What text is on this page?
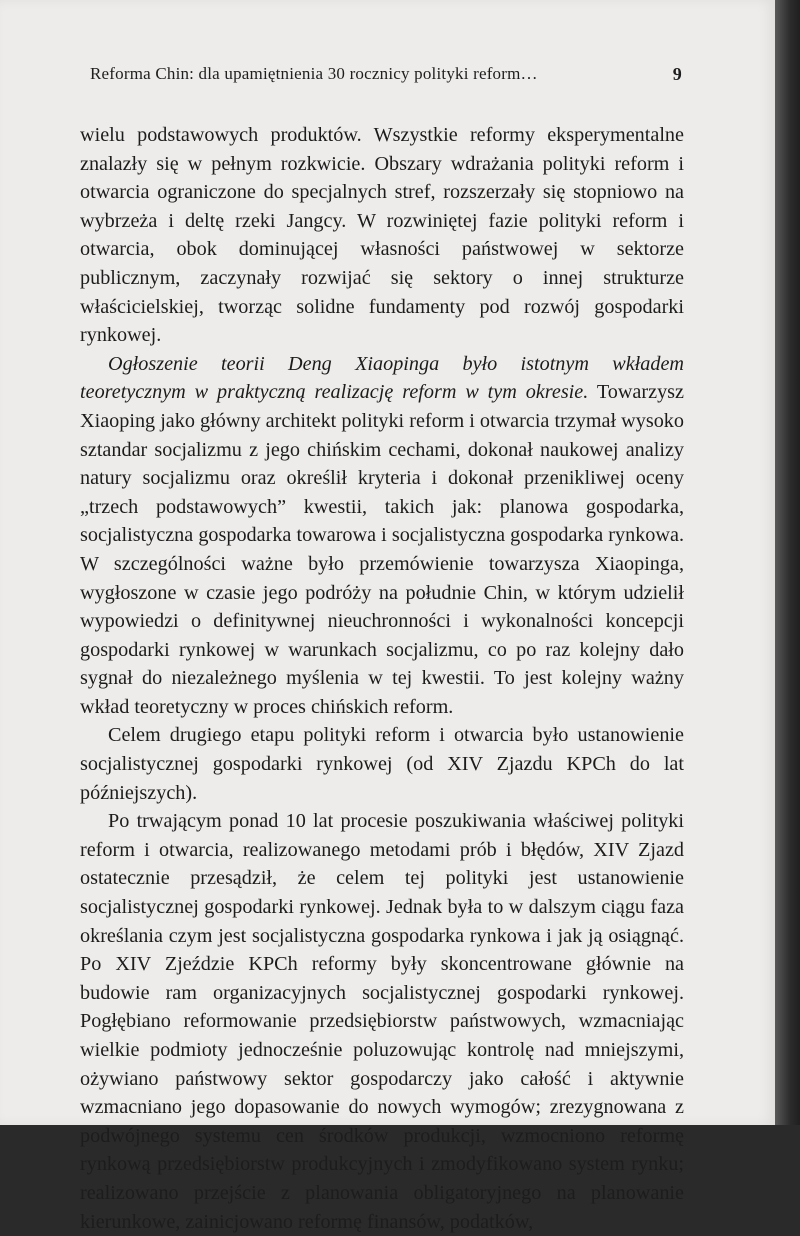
Reforma Chin: dla upamiętnienia 30 rocznicy polityki reform…	9

wielu podstawowych produktów. Wszystkie reformy eksperymentalne znalazły się w pełnym rozkwicie. Obszary wdrażania polityki reform i otwarcia ograniczone do specjalnych stref, rozszerzały się stopniowo na wybrzeża i deltę rzeki Jangcy. W rozwiniętej fazie polityki reform i otwarcia, obok dominującej własności państwowej w sektorze publicznym, zaczynały rozwijać się sektory o innej strukturze właścicielskiej, tworząc solidne fundamenty pod rozwój gospodarki rynkowej.

Ogłoszenie teorii Deng Xiaopinga było istotnym wkładem teoretycznym w praktyczną realizację reform w tym okresie. Towarzysz Xiaoping jako główny architekt polityki reform i otwarcia trzymał wysoko sztandar socjalizmu z jego chińskim cechami, dokonał naukowej analizy natury socjalizmu oraz określił kryteria i dokonał przenikliwej oceny „trzech podstawowych” kwestii, takich jak: planowa gospodarka, socjalistyczna gospodarka towarowa i socjalistyczna gospodarka rynkowa. W szczególności ważne było przemówienie towarzysza Xiaopinga, wygłoszone w czasie jego podróży na południe Chin, w którym udzielił wypowiedzi o definitywnej nieuchronności i wykonalności koncepcji gospodarki rynkowej w warunkach socjalizmu, co po raz kolejny dało sygnał do niezależnego myślenia w tej kwestii. To jest kolejny ważny wkład teoretyczny w proces chińskich reform.

Celem drugiego etapu polityki reform i otwarcia było ustanowienie socjalistycznej gospodarki rynkowej (od XIV Zjazdu KPCh do lat późniejszych).

Po trwającym ponad 10 lat procesie poszukiwania właściwej polityki reform i otwarcia, realizowanego metodami prób i błędów, XIV Zjazd ostatecznie przesądził, że celem tej polityki jest ustanowienie socjalistycznej gospodarki rynkowej. Jednak była to w dalszym ciągu faza określania czym jest socjalistyczna gospodarka rynkowa i jak ją osiągnąć. Po XIV Zjeździe KPCh reformy były skoncentrowane głównie na budowie ram organizacyjnych socjalistycznej gospodarki rynkowej. Pogłębiano reformowanie przedsiębiorstw państwowych, wzmacniając wielkie podmioty jednocześnie poluzowując kontrolę nad mniejszymi, ożywiano państwowy sektor gospodarczy jako całość i aktywnie wzmacniano jego dopasowanie do nowych wymogów; zrezygnowana z podwójnego systemu cen środków produkcji, wzmocniono reformę rynkową przedsiębiorstw produkcyjnych i zmodyfikowano system rynku; realizowano przejście z planowania obligatoryjnego na planowanie kierunkowe, zainicjowano reformę finansów, podatków,
